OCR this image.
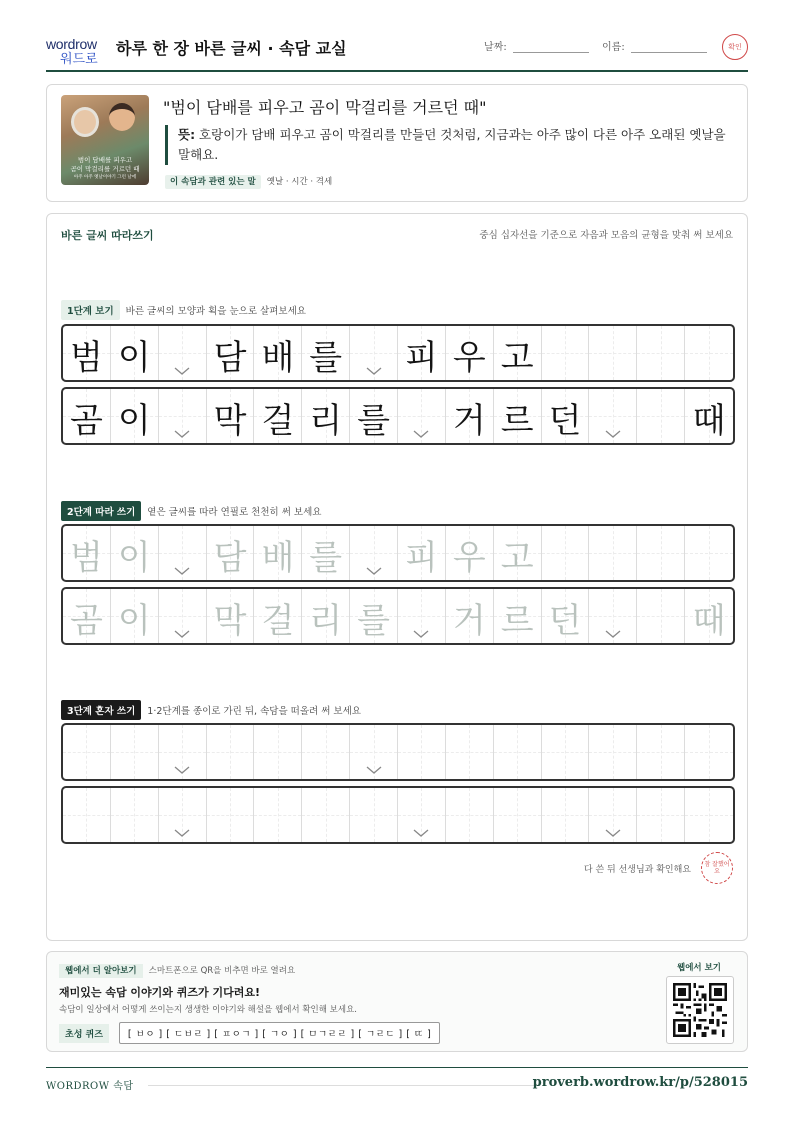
wordrow
워드로
하루 한 장 바른 글씨 · 속담 교실	날짜:	이름:	확인
범이 담배를 피우고
곰이 막걸리를 거르던 때
아주 아주 옛날이야기 그런 날에
"범이 담배를 피우고 곰이 막걸리를 거르던 때"
뜻: 호랑이가 담배 피우고 곰이 막걸리를 만들던 것처럼, 지금과는 아주 많이 다른 아주 오래된 옛날을 말해요.
이 속담과 관련 있는 말 옛날 · 시간 · 격세
바른 글씨 따라쓰기	중심 십자선을 기준으로 자음과 모음의 균형을 맞춰 써 보세요
1단계 보기 바른 글씨의 모양과 획을 눈으로 살펴보세요
범 이 담 배 를 피 우 고
곰 이 막 걸 리 를 거 르 던	때
2단계 따라 쓰기 옅은 글씨를 따라 연필로 천천히 써 보세요
범 이 담 배 를 피 우 고
곰 이 막 걸 리 를 거 르 던	때
3단계 혼자 쓰기 1·2단계를 종이로 가린 뒤, 속담을 떠올려 써 보세요
다 쓴 뒤 선생님과 확인해요	참 잘했어요
웹에서 더 알아보기 스마트폰으로 QR을 비추면 바로 열려요
재미있는 속담 이야기와 퀴즈가 기다려요!
속담이 일상에서 어떻게 쓰이는지 생생한 이야기와 해설을 웹에서 확인해 보세요.
초성 퀴즈	[ ㅂㅇ ] [ ㄷㅂㄹ ] [ ㅍㅇㄱ ] [ ㄱㅇ ] [ ㅁㄱㄹㄹ ] [ ㄱㄹㄷ ] [ ㄸ ]
웹에서 보기
WORDROW 속담	proverb.wordrow.kr/p/528015
